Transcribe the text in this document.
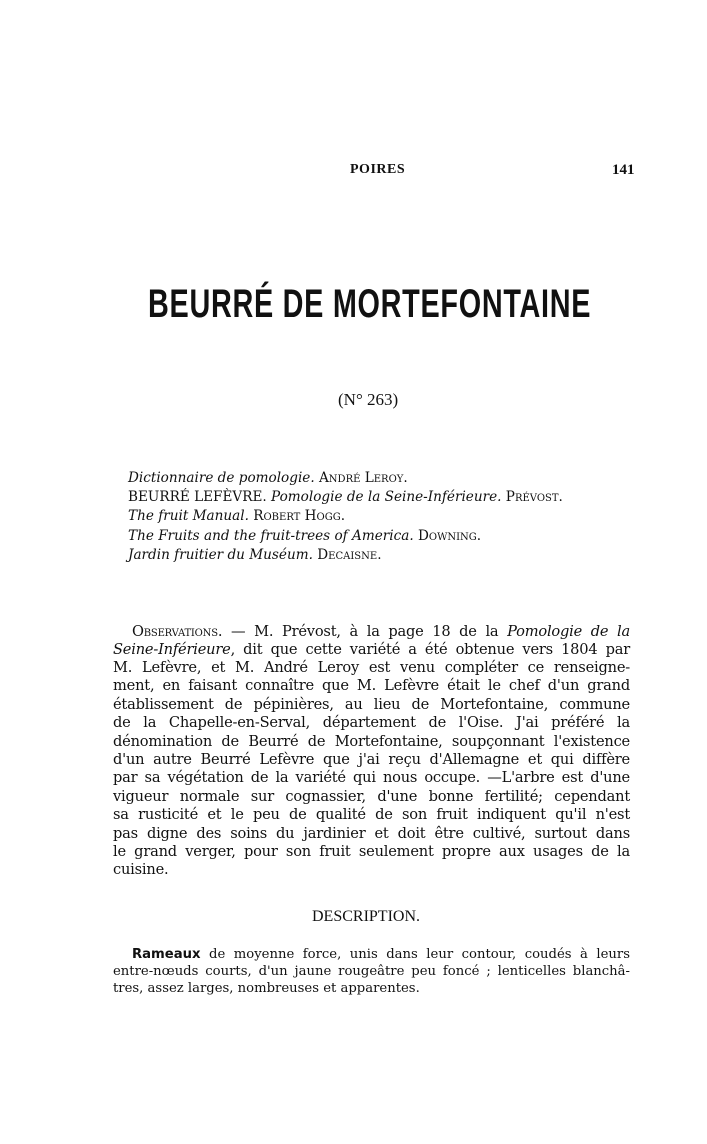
POIRES	141
BEURRÉ DE MORTEFONTAINE
(N° 263)
Dictionnaire de pomologie. André Leroy.
BEURRÉ LEFÈVRE. Pomologie de la Seine-Inférieure. Prévost.
The fruit Manual. Robert Hogg.
The Fruits and the fruit-trees of America. Downing.
Jardin fruitier du Muséum. Decaisne.
Observations. — M. Prévost, à la page 18 de la Pomologie de la
Seine-Inférieure, dit que cette variété a été obtenue vers 1804 par
M. Lefèvre, et M. André Leroy est venu compléter ce renseigne-
ment, en faisant connaître que M. Lefèvre était le chef d'un grand
établissement de pépinières, au lieu de Mortefontaine, commune
de la Chapelle-en-Serval, département de l'Oise. J'ai préféré la
dénomination de Beurré de Mortefontaine, soupçonnant l'existence
d'un autre Beurré Lefèvre que j'ai reçu d'Allemagne et qui diffère
par sa végétation de la variété qui nous occupe. —L'arbre est d'une
vigueur normale sur cognassier, d'une bonne fertilité; cependant
sa rusticité et le peu de qualité de son fruit indiquent qu'il n'est
pas digne des soins du jardinier et doit être cultivé, surtout dans
le grand verger, pour son fruit seulement propre aux usages de la
cuisine.
DESCRIPTION.
Rameaux de moyenne force, unis dans leur contour, coudés à leurs
entre-nœuds courts, d'un jaune rougeâtre peu foncé ; lenticelles blanchâ-
tres, assez larges, nombreuses et apparentes.
